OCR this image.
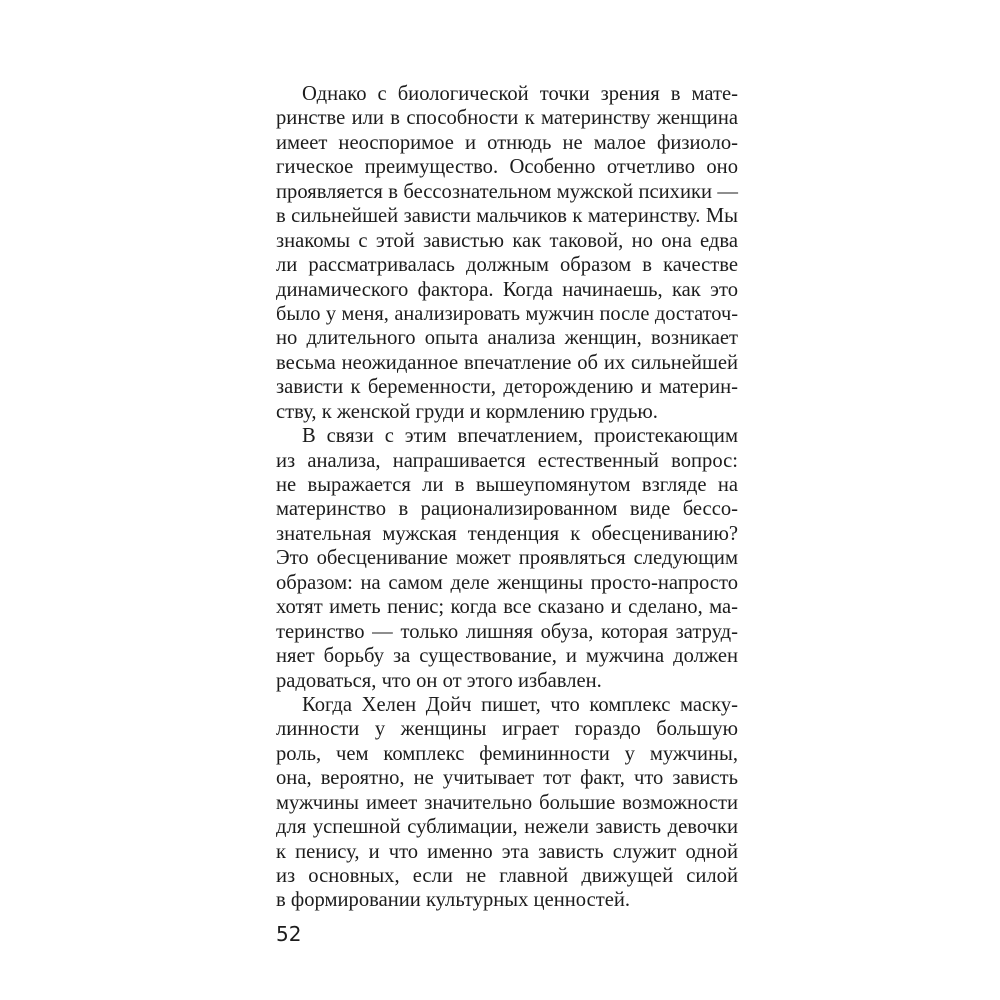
Однако с биологической точки зрения в мате-
ринстве или в способности к материнству женщина
имеет неоспоримое и отнюдь не малое физиоло-
гическое преимущество. Особенно отчетливо оно
проявляется в бессознательном мужской психики —
в сильнейшей зависти мальчиков к материнству. Мы
знакомы с этой завистью как таковой, но она едва
ли рассматривалась должным образом в качестве
динамического фактора. Когда начинаешь, как это
было у меня, анализировать мужчин после достаточ-
но длительного опыта анализа женщин, возникает
весьма неожиданное впечатление об их сильнейшей
зависти к беременности, деторождению и материн-
ству, к женской груди и кормлению грудью.
В связи с этим впечатлением, проистекающим
из анализа, напрашивается естественный вопрос:
не выражается ли в вышеупомянутом взгляде на
материнство в рационализированном виде бессо-
знательная мужская тенденция к обесцениванию?
Это обесценивание может проявляться следующим
образом: на самом деле женщины просто-напросто
хотят иметь пенис; когда все сказано и сделано, ма-
теринство — только лишняя обуза, которая затруд-
няет борьбу за существование, и мужчина должен
радоваться, что он от этого избавлен.
Когда Хелен Дойч пишет, что комплекс маску-
линности у женщины играет гораздо большую
роль, чем комплекс фемининности у мужчины,
она, вероятно, не учитывает тот факт, что зависть
мужчины имеет значительно большие возможности
для успешной сублимации, нежели зависть девочки
к пенису, и что именно эта зависть служит одной
из основных, если не главной движущей силой
в формировании культурных ценностей.
52
